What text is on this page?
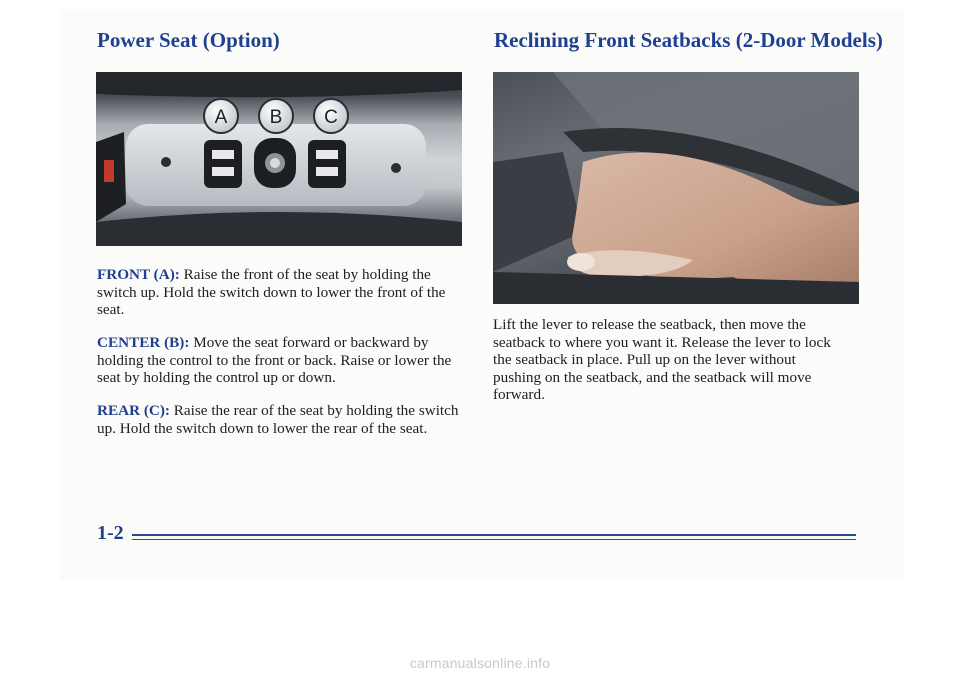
Power Seat (Option)	Reclining Front Seatbacks (2-Door Models)
A B C

FRONT (A): Raise the front of the seat by holding the switch up. Hold the switch down to lower the front of the seat.

CENTER (B): Move the seat forward or backward by holding the control to the front or back. Raise or lower the seat by holding the control up or down.

REAR (C): Raise the rear of the seat by holding the switch up. Hold the switch down to lower the rear of the seat.

Lift the lever to release the seatback, then move the seatback to where you want it. Release the lever to lock the seatback in place. Pull up on the lever without pushing on the seatback, and the seatback will move forward.

1-2

carmanualsonline.info
